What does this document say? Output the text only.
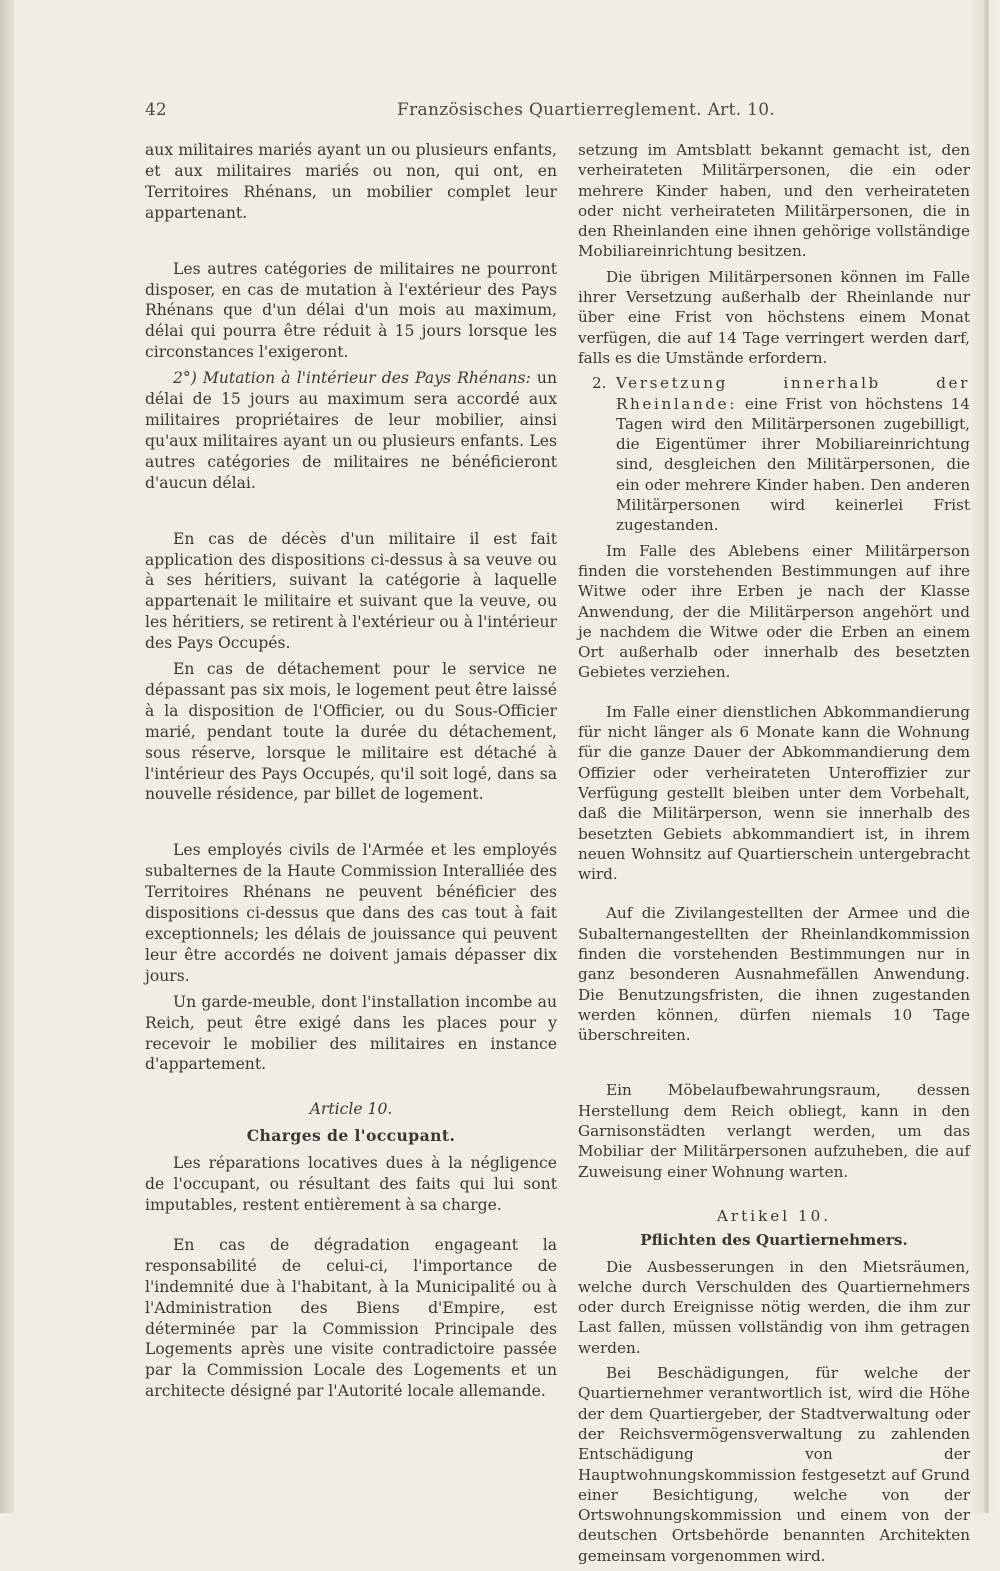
42	Französisches Quartierreglement. Art. 10.

aux militaires mariés ayant un ou plusieurs enfants, et aux militaires mariés ou non, qui ont, en Territoires Rhénans, un mobilier complet leur appartenant.

Les autres catégories de militaires ne pourront disposer, en cas de mutation à l'extérieur des Pays Rhénans que d'un délai d'un mois au maximum, délai qui pourra être réduit à 15 jours lorsque les circonstances l'exigeront.

2°) Mutation à l'intérieur des Pays Rhénans: un délai de 15 jours au maximum sera accordé aux militaires propriétaires de leur mobilier, ainsi qu'aux militaires ayant un ou plusieurs enfants. Les autres catégories de militaires ne bénéficieront d'aucun délai.

En cas de décès d'un militaire il est fait application des dispositions ci-dessus à sa veuve ou à ses héritiers, suivant la catégorie à laquelle appartenait le militaire et suivant que la veuve, ou les héritiers, se retirent à l'extérieur ou à l'intérieur des Pays Occupés.

En cas de détachement pour le service ne dépassant pas six mois, le logement peut être laissé à la disposition de l'Officier, ou du Sous-Officier marié, pendant toute la durée du détachement, sous réserve, lorsque le militaire est détaché à l'intérieur des Pays Occupés, qu'il soit logé, dans sa nouvelle résidence, par billet de logement.

Les employés civils de l'Armée et les employés subalternes de la Haute Commission Interalliée des Territoires Rhénans ne peuvent bénéficier des dispositions ci-dessus que dans des cas tout à fait exceptionnels; les délais de jouissance qui peuvent leur être accordés ne doivent jamais dépasser dix jours.

Un garde-meuble, dont l'installation incombe au Reich, peut être exigé dans les places pour y recevoir le mobilier des militaires en instance d'appartement.

Article 10.
Charges de l'occupant.

Les réparations locatives dues à la négligence de l'occupant, ou résultant des faits qui lui sont imputables, restent entièrement à sa charge.

En cas de dégradation engageant la responsabilité de celui-ci, l'importance de l'indemnité due à l'habitant, à la Municipalité ou à l'Administration des Biens d'Empire, est déterminée par la Commission Principale des Logements après une visite contradictoire passée par la Commission Locale des Logements et un architecte désigné par l'Autorité locale allemande.

setzung im Amtsblatt bekannt gemacht ist, den verheirateten Militärpersonen, die ein oder mehrere Kinder haben, und den verheirateten oder nicht verheirateten Militärpersonen, die in den Rheinlanden eine ihnen gehörige vollständige Mobiliareinrichtung besitzen.

Die übrigen Militärpersonen können im Falle ihrer Versetzung außerhalb der Rheinlande nur über eine Frist von höchstens einem Monat verfügen, die auf 14 Tage verringert werden darf, falls es die Umstände erfordern.

2. Versetzung innerhalb der Rheinlande: eine Frist von höchstens 14 Tagen wird den Militärpersonen zugebilligt, die Eigentümer ihrer Mobiliareinrichtung sind, desgleichen den Militärpersonen, die ein oder mehrere Kinder haben. Den anderen Militärpersonen wird keinerlei Frist zugestanden.

Im Falle des Ablebens einer Militärperson finden die vorstehenden Bestimmungen auf ihre Witwe oder ihre Erben je nach der Klasse Anwendung, der die Militärperson angehört und je nachdem die Witwe oder die Erben an einem Ort außerhalb oder innerhalb des besetzten Gebietes verziehen.

Im Falle einer dienstlichen Abkommandierung für nicht länger als 6 Monate kann die Wohnung für die ganze Dauer der Abkommandierung dem Offizier oder verheirateten Unteroffizier zur Verfügung gestellt bleiben unter dem Vorbehalt, daß die Militärperson, wenn sie innerhalb des besetzten Gebiets abkommandiert ist, in ihrem neuen Wohnsitz auf Quartierschein untergebracht wird.

Auf die Zivilangestellten der Armee und die Subalternangestellten der Rheinlandkommission finden die vorstehenden Bestimmungen nur in ganz besonderen Ausnahmefällen Anwendung. Die Benutzungsfristen, die ihnen zugestanden werden können, dürfen niemals 10 Tage überschreiten.

Ein Möbelaufbewahrungsraum, dessen Herstellung dem Reich obliegt, kann in den Garnisonstädten verlangt werden, um das Mobiliar der Militärpersonen aufzuheben, die auf Zuweisung einer Wohnung warten.

Artikel 10.
Pflichten des Quartiernehmers.

Die Ausbesserungen in den Mietsräumen, welche durch Verschulden des Quartiernehmers oder durch Ereignisse nötig werden, die ihm zur Last fallen, müssen vollständig von ihm getragen werden.

Bei Beschädigungen, für welche der Quartiernehmer verantwortlich ist, wird die Höhe der dem Quartiergeber, der Stadtverwaltung oder der Reichsvermögensverwaltung zu zahlenden Entschädigung von der Hauptwohnungskommission festgesetzt auf Grund einer Besichtigung, welche von der Ortswohnungskommission und einem von der deutschen Ortsbehörde benannten Architekten gemeinsam vorgenommen wird.
